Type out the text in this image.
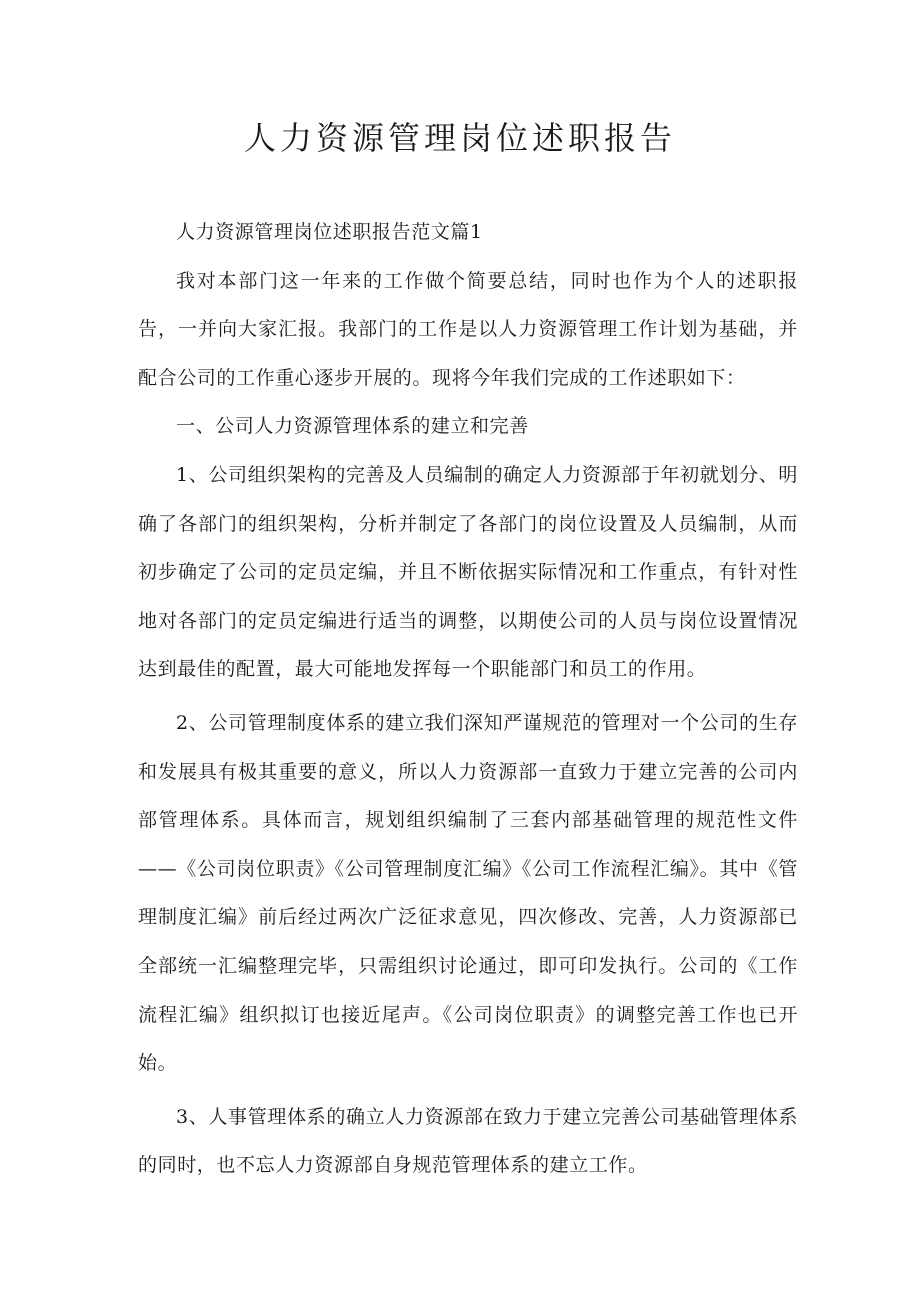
人力资源管理岗位述职报告

人力资源管理岗位述职报告范文篇1

我对本部门这一年来的工作做个简要总结，同时也作为个人的述职报告，一并向大家汇报。我部门的工作是以人力资源管理工作计划为基础，并配合公司的工作重心逐步开展的。现将今年我们完成的工作述职如下：

一、公司人力资源管理体系的建立和完善

1、公司组织架构的完善及人员编制的确定人力资源部于年初就划分、明确了各部门的组织架构，分析并制定了各部门的岗位设置及人员编制，从而初步确定了公司的定员定编，并且不断依据实际情况和工作重点，有针对性地对各部门的定员定编进行适当的调整，以期使公司的人员与岗位设置情况达到最佳的配置，最大可能地发挥每一个职能部门和员工的作用。

2、公司管理制度体系的建立我们深知严谨规范的管理对一个公司的生存和发展具有极其重要的意义，所以人力资源部一直致力于建立完善的公司内部管理体系。具体而言，规划组织编制了三套内部基础管理的规范性文件——《公司岗位职责》《公司管理制度汇编》《公司工作流程汇编》。其中《管理制度汇编》前后经过两次广泛征求意见，四次修改、完善，人力资源部已全部统一汇编整理完毕，只需组织讨论通过，即可印发执行。公司的《工作流程汇编》组织拟订也接近尾声。《公司岗位职责》的调整完善工作也已开始。

3、人事管理体系的确立人力资源部在致力于建立完善公司基础管理体系的同时，也不忘人力资源部自身规范管理体系的建立工作。
